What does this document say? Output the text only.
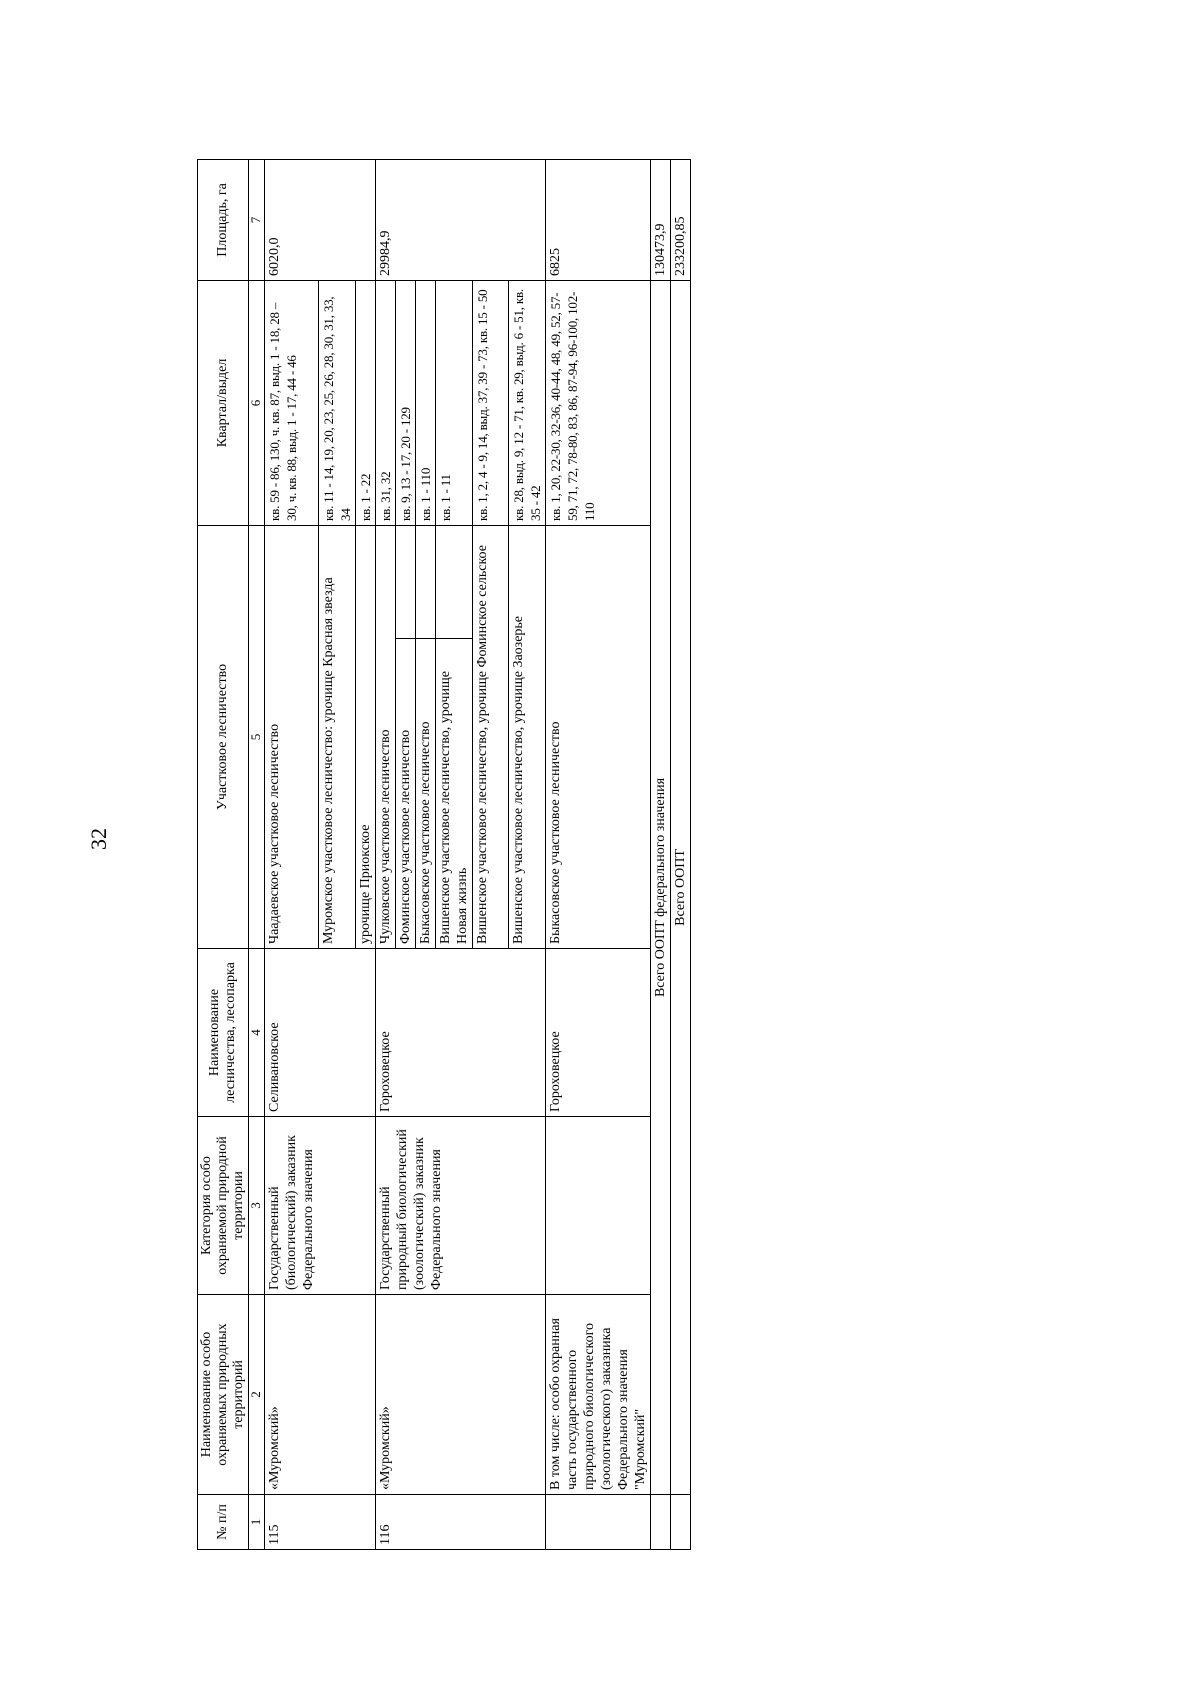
32
№ п/п	Наименование особо охраняемых природных территорий	Категория особо охраняемой природной территории	Наименование лесничества, лесопарка	Участковое лесничество		Квартал/выдел	Площадь, га
1	2	3	4	5		6	7
115	«Муромский»	Государственный (биологический) заказник Федерального значения	Селивановское	Чаадаевское участковое лесничество		кв. 59 - 86, 130, ч. кв. 87, выд. 1 - 18, 28 – 30, ч. кв. 88, выд. 1 - 17, 44 - 46	6020,0
				Муромское участковое лесничество: урочище Красная звезда		кв. 11 - 14, 19, 20, 23, 25, 26, 28, 30, 31, 33, 34	
				урочище Приокское		кв. 1 - 22	
116	«Муромский»	Государственный природный биологический (зоологический) заказник Федерального значения	Гороховецкое	Чулковское участковое лесничество		кв. 31, 32	29984,9
				Фоминское участковое лесничество		кв. 9, 13 - 17, 20 - 129	
				Быкасовское участковое лесничество		кв. 1 - 110	
				Вишенское участковое лесничество, урочище Новая жизнь		кв. 1 - 11	
				Вишенское участковое лесничество, урочище Фоминское сельское		кв. 1, 2, 4 - 9, 14, выд. 37, 39 - 73, кв. 15 - 50	
				Вишенское участковое лесничество, урочище Заозерье		кв. 28, выд. 9, 12 - 71, кв. 29, выд. 6 - 51, кв. 35 - 42	
	В том числе: особо охранная часть государственного природного биологического (зоологического) заказника Федерального значения "Муромский"		Гороховецкое	Быкасовское участковое лесничество		кв. 1, 20, 22-30, 32-36, 40-44, 48, 49, 52, 57-59, 71, 72, 78-80, 83, 86, 87-94, 96-100, 102-110	6825
	Всего ООПТ федерального значения						130473,9
	Всего ООПТ						233200,85
